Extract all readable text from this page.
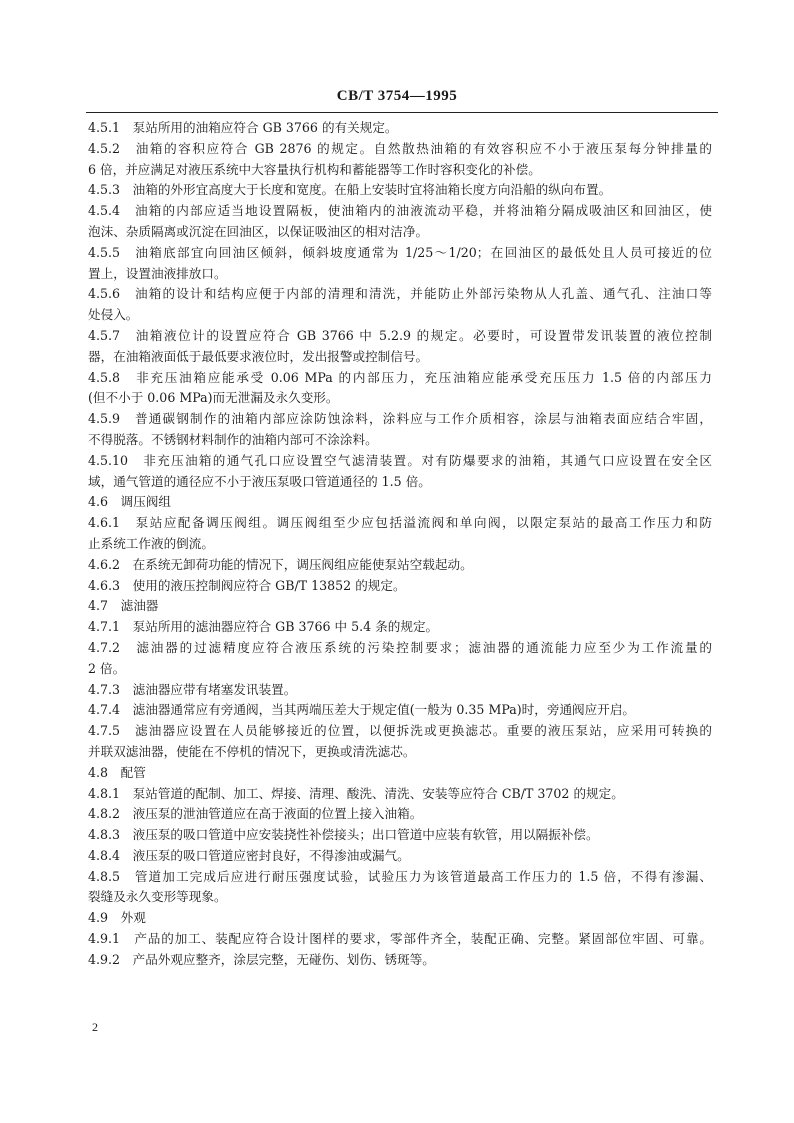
CB/T 3754—1995
4.5.1　泵站所用的油箱应符合 GB 3766 的有关规定。
4.5.2　油箱的容积应符合 GB 2876 的规定。自然散热油箱的有效容积应不小于液压泵每分钟排量的
6 倍，并应满足对液压系统中大容量执行机构和蓄能器等工作时容积变化的补偿。
4.5.3　油箱的外形宜高度大于长度和宽度。在船上安装时宜将油箱长度方向沿船的纵向布置。
4.5.4　油箱的内部应适当地设置隔板，使油箱内的油液流动平稳，并将油箱分隔成吸油区和回油区，使
泡沫、杂质隔离或沉淀在回油区，以保证吸油区的相对洁净。
4.5.5　油箱底部宜向回油区倾斜，倾斜坡度通常为 1/25～1/20；在回油区的最低处且人员可接近的位
置上，设置油液排放口。
4.5.6　油箱的设计和结构应便于内部的清理和清洗，并能防止外部污染物从人孔盖、通气孔、注油口等
处侵入。
4.5.7　油箱液位计的设置应符合 GB 3766 中 5.2.9 的规定。必要时，可设置带发讯装置的液位控制
器，在油箱液面低于最低要求液位时，发出报警或控制信号。
4.5.8　非充压油箱应能承受 0.06 MPa 的内部压力，充压油箱应能承受充压压力 1.5 倍的内部压力
(但不小于 0.06 MPa)而无泄漏及永久变形。
4.5.9　普通碳钢制作的油箱内部应涂防蚀涂料，涂料应与工作介质相容，涂层与油箱表面应结合牢固，
不得脱落。不锈钢材料制作的油箱内部可不涂涂料。
4.5.10　非充压油箱的通气孔口应设置空气滤清装置。对有防爆要求的油箱，其通气口应设置在安全区
域，通气管道的通径应不小于液压泵吸口管道通径的 1.5 倍。
4.6　调压阀组
4.6.1　泵站应配备调压阀组。调压阀组至少应包括溢流阀和单向阀，以限定泵站的最高工作压力和防
止系统工作液的倒流。
4.6.2　在系统无卸荷功能的情况下，调压阀组应能使泵站空载起动。
4.6.3　使用的液压控制阀应符合 GB/T 13852 的规定。
4.7　滤油器
4.7.1　泵站所用的滤油器应符合 GB 3766 中 5.4 条的规定。
4.7.2　滤油器的过滤精度应符合液压系统的污染控制要求；滤油器的通流能力应至少为工作流量的
2 倍。
4.7.3　滤油器应带有堵塞发讯装置。
4.7.4　滤油器通常应有旁通阀，当其两端压差大于规定值(一般为 0.35 MPa)时，旁通阀应开启。
4.7.5　滤油器应设置在人员能够接近的位置，以便拆洗或更换滤芯。重要的液压泵站，应采用可转换的
并联双滤油器，使能在不停机的情况下，更换或清洗滤芯。
4.8　配管
4.8.1　泵站管道的配制、加工、焊接、清理、酸洗、清洗、安装等应符合 CB/T 3702 的规定。
4.8.2　液压泵的泄油管道应在高于液面的位置上接入油箱。
4.8.3　液压泵的吸口管道中应安装挠性补偿接头；出口管道中应装有软管，用以隔振补偿。
4.8.4　液压泵的吸口管道应密封良好，不得渗油或漏气。
4.8.5　管道加工完成后应进行耐压强度试验，试验压力为该管道最高工作压力的 1.5 倍，不得有渗漏、
裂缝及永久变形等现象。
4.9　外观
4.9.1　产品的加工、装配应符合设计图样的要求，零部件齐全，装配正确、完整。紧固部位牢固、可靠。
4.9.2　产品外观应整齐，涂层完整，无碰伤、划伤、锈斑等。
2
